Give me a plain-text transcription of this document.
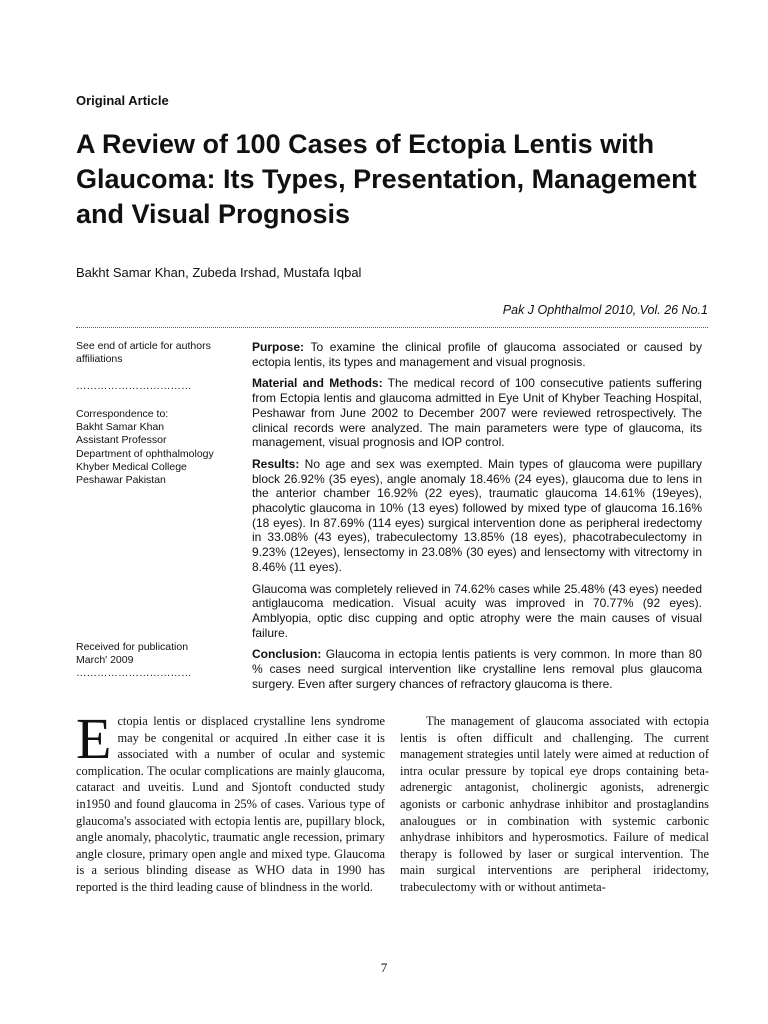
Original Article
A Review of 100 Cases of Ectopia Lentis with Glaucoma: Its Types, Presentation, Management and Visual Prognosis
Bakht Samar Khan, Zubeda Irshad, Mustafa Iqbal
Pak J Ophthalmol 2010, Vol. 26 No.1
See end of article for authors affiliations
……………………………
Correspondence to:
Bakht Samar Khan
Assistant Professor
Department of ophthalmology
Khyber Medical College
Peshawar Pakistan
Received for publication
March' 2009
……………………………

Purpose: To examine the clinical profile of glaucoma associated or caused by ectopia lentis, its types and management and visual prognosis.

Material and Methods: The medical record of 100 consecutive patients suffering from Ectopia lentis and glaucoma admitted in Eye Unit of Khyber Teaching Hospital, Peshawar from June 2002 to December 2007 were reviewed retrospectively. The clinical records were analyzed. The main parameters were type of glaucoma, its management, visual prognosis and IOP control.

Results: No age and sex was exempted. Main types of glaucoma were pupillary block 26.92% (35 eyes), angle anomaly 18.46% (24 eyes), glaucoma due to lens in the anterior chamber 16.92% (22 eyes), traumatic glaucoma 14.61% (19eyes), phacolytic glaucoma in 10% (13 eyes) followed by mixed type of glaucoma 16.16% (18 eyes). In 87.69% (114 eyes) surgical intervention done as peripheral iredectomy in 33.08% (43 eyes), trabeculectomy 13.85% (18 eyes), phacotrabeculectomy in 9.23% (12eyes), lensectomy in 23.08% (30 eyes) and lensectomy with vitrectomy in 8.46% (11 eyes).

Glaucoma was completely relieved in 74.62% cases while 25.48% (43 eyes) needed antiglaucoma medication. Visual acuity was improved in 70.77% (92 eyes). Amblyopia, optic disc cupping and optic atrophy were the main causes of visual failure.

Conclusion: Glaucoma in ectopia lentis patients is very common. In more than 80 % cases need surgical intervention like crystalline lens removal plus glaucoma surgery. Even after surgery chances of refractory glaucoma is there.

Ectopia lentis or displaced crystalline lens syndrome may be congenital or acquired .In either case it is associated with a number of ocular and systemic complication. The ocular complications are mainly glaucoma, cataract and uveitis. Lund and Sjontoft conducted study in1950 and found glaucoma in 25% of cases. Various type of glaucoma's associated with ectopia lentis are, pupillary block, angle anomaly, phacolytic, traumatic angle recession, primary angle closure, primary open angle and mixed type. Glaucoma is a serious blinding disease as WHO data in 1990 has reported is the third leading cause of blindness in the world.

The management of glaucoma associated with ectopia lentis is often difficult and challenging. The current management strategies until lately were aimed at reduction of intra ocular pressure by topical eye drops containing beta-adrenergic antagonist, cholinergic agonists, adrenergic agonists or carbonic anhydrase inhibitor and prostaglandins analougues or in combination with systemic carbonic anhydrase inhibitors and hyperosmotics. Failure of medical therapy is followed by laser or surgical intervention. The main surgical interventions are peripheral iridectomy, trabeculectomy with or without antimeta-

7
